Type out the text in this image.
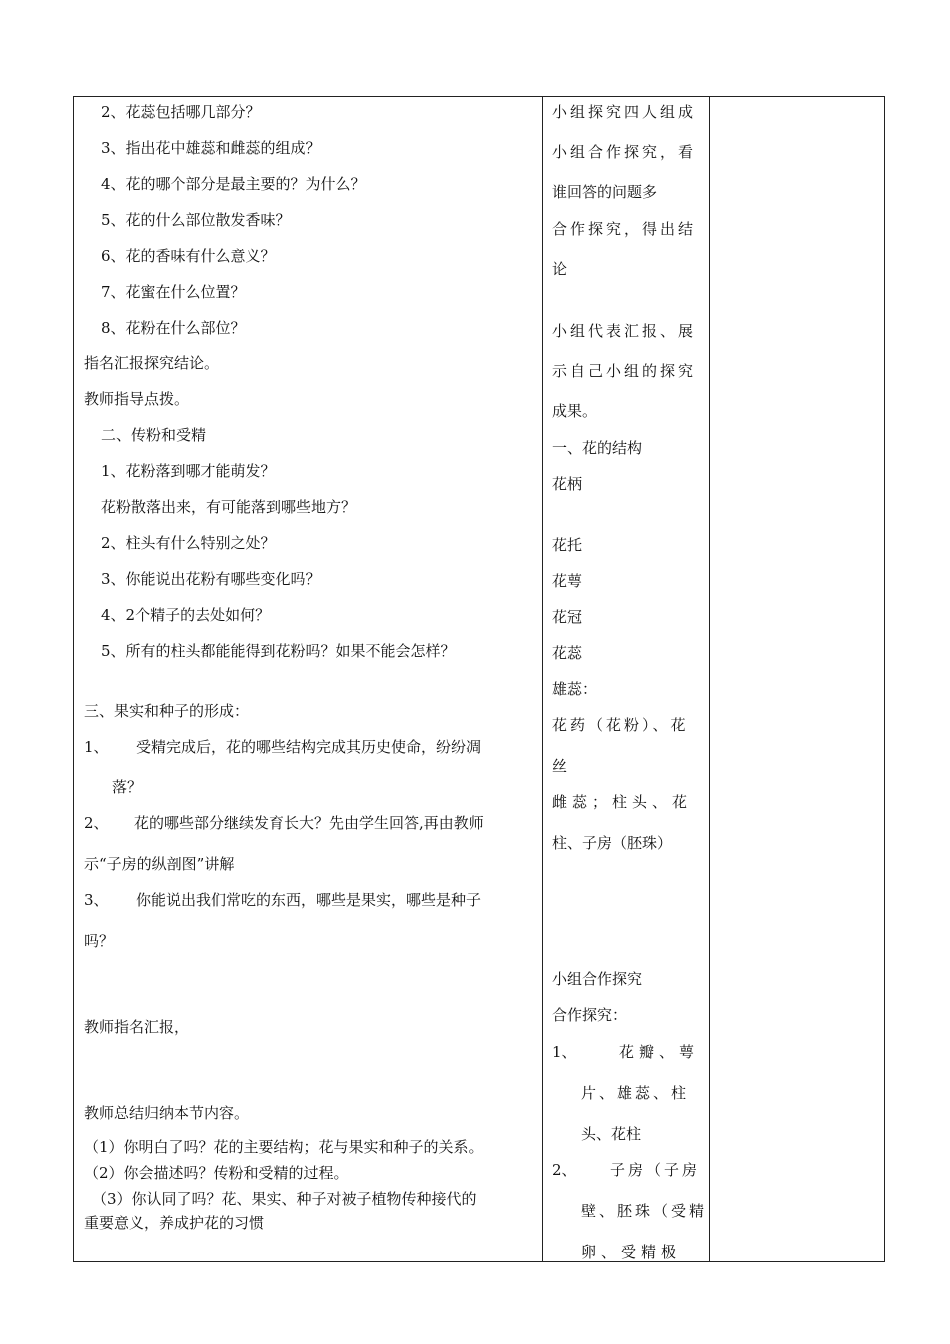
2、花蕊包括哪几部分？
3、指出花中雄蕊和雌蕊的组成？
4、花的哪个部分是最主要的？为什么？
5、花的什么部位散发香味？
6、花的香味有什么意义？
7、花蜜在什么位置？
8、花粉在什么部位？
指名汇报探究结论。
教师指导点拨。
二、传粉和受精
1、花粉落到哪才能萌发？
花粉散落出来，有可能落到哪些地方？
2、柱头有什么特别之处？
3、你能说出花粉有哪些变化吗？
4、2个精子的去处如何？
5、所有的柱头都能能得到花粉吗？如果不能会怎样？
三、果实和种子的形成：
1、 受精完成后，花的哪些结构完成其历史使命，纷纷凋
落？
2、 花的哪些部分继续发育长大？先由学生回答,再由教师
示“子房的纵剖图”讲解
3、 你能说出我们常吃的东西，哪些是果实，哪些是种子
吗？
教师指名汇报，
教师总结归纳本节内容。
（1）你明白了吗？花的主要结构；花与果实和种子的关系。
（2）你会描述吗？传粉和受精的过程。
（3）你认同了吗？花、果实、种子对被子植物传种接代的
重要意义，养成护花的习惯
小组探究四人组成
小组合作探究，看
谁回答的问题多
合作探究，得出结
论
小组代表汇报、展
示自己小组的探究
成果。
一、花的结构
花柄
花托
花萼
花冠
花蕊
雄蕊：
花药（花粉）、花
丝
雌蕊；柱头、花
柱、子房（胚珠）
小组合作探究
合作探究：
1、	花瓣、萼
片、雄蕊、柱
头、花柱
2、 子房（子房
壁、胚珠（受精
卵、受精极
